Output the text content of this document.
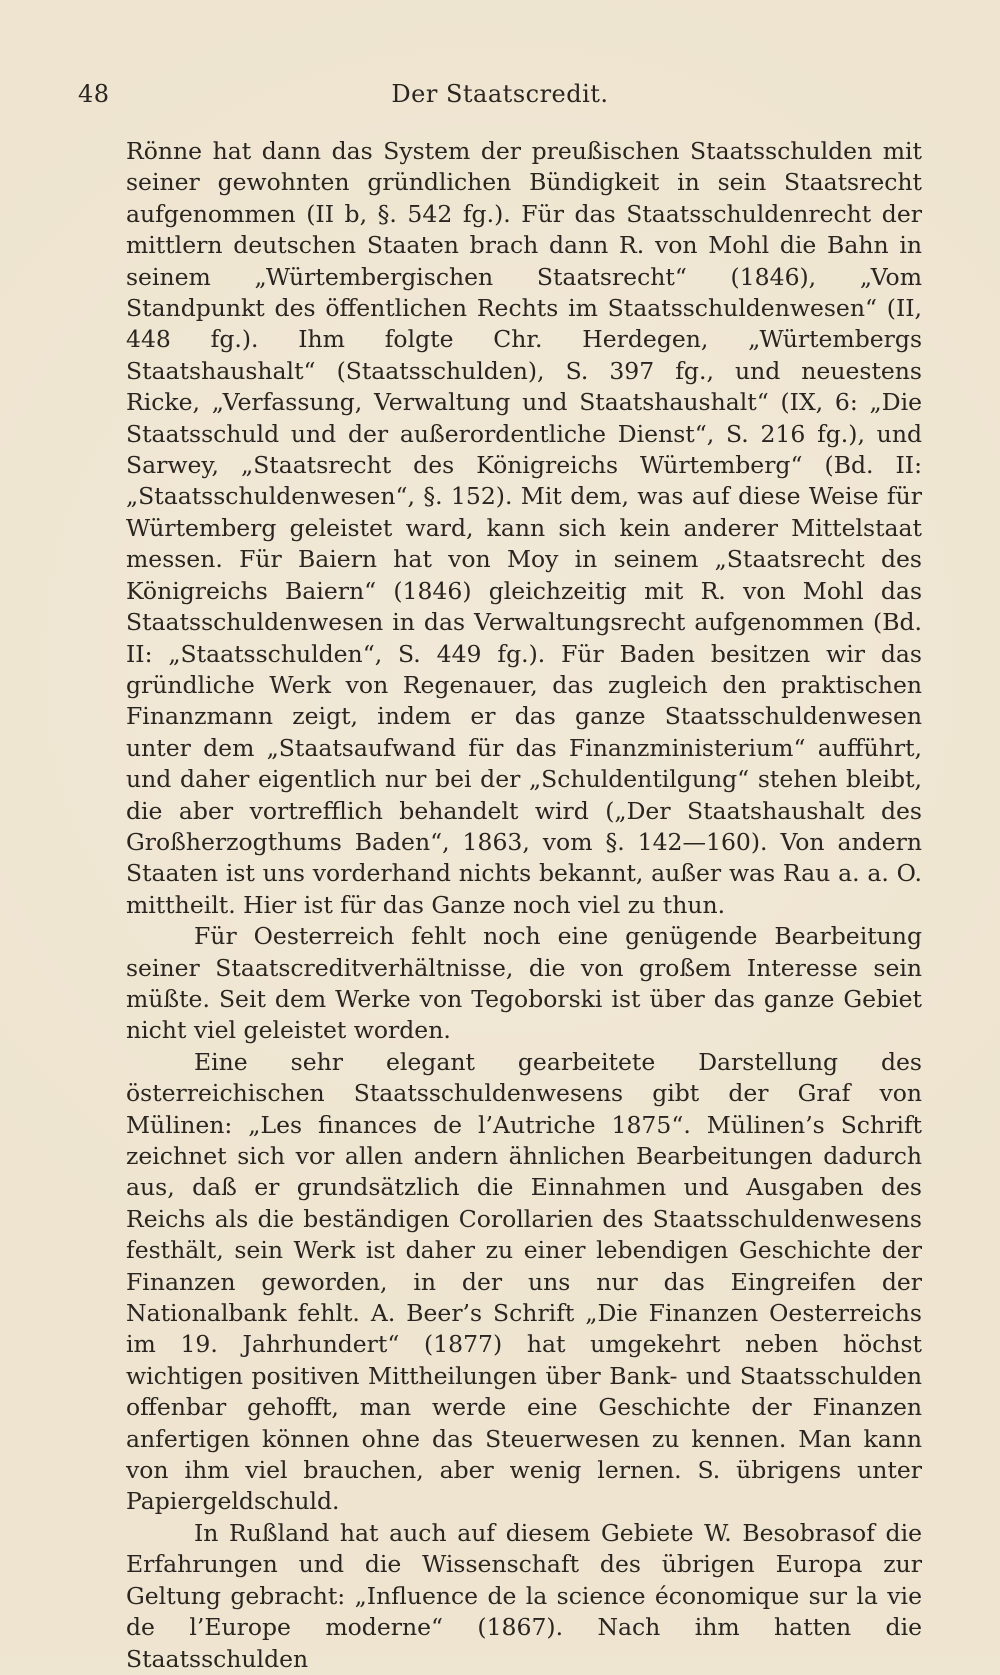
48	Der Staatscredit.

Rönne hat dann das System der preußischen Staatsschulden mit seiner gewohnten gründlichen Bündigkeit in sein Staatsrecht aufgenommen (II b, §. 542 fg.). Für das Staatsschuldenrecht der mittlern deutschen Staaten brach dann R. von Mohl die Bahn in seinem „Würtembergischen Staatsrecht“ (1846), „Vom Standpunkt des öffentlichen Rechts im Staatsschuldenwesen“ (II, 448 fg.). Ihm folgte Chr. Herdegen, „Würtembergs Staatshaushalt“ (Staatsschulden), S. 397 fg., und neuestens Ricke, „Verfassung, Verwaltung und Staatshaushalt“ (IX, 6: „Die Staatsschuld und der außerordentliche Dienst“, S. 216 fg.), und Sarwey, „Staatsrecht des Königreichs Würtemberg“ (Bd. II: „Staatsschuldenwesen“, §. 152). Mit dem, was auf diese Weise für Würtemberg geleistet ward, kann sich kein anderer Mittelstaat messen. Für Baiern hat von Moy in seinem „Staatsrecht des Königreichs Baiern“ (1846) gleichzeitig mit R. von Mohl das Staatsschuldenwesen in das Verwaltungsrecht aufgenommen (Bd. II: „Staatsschulden“, S. 449 fg.). Für Baden besitzen wir das gründliche Werk von Regenauer, das zugleich den praktischen Finanzmann zeigt, indem er das ganze Staatsschuldenwesen unter dem „Staatsaufwand für das Finanzministerium“ aufführt, und daher eigentlich nur bei der „Schuldentilgung“ stehen bleibt, die aber vortrefflich behandelt wird („Der Staatshaushalt des Großherzogthums Baden“, 1863, vom §. 142—160). Von andern Staaten ist uns vorderhand nichts bekannt, außer was Rau a. a. O. mittheilt. Hier ist für das Ganze noch viel zu thun.

Für Oesterreich fehlt noch eine genügende Bearbeitung seiner Staatscreditverhältnisse, die von großem Interesse sein müßte. Seit dem Werke von Tegoborski ist über das ganze Gebiet nicht viel geleistet worden.

Eine sehr elegant gearbeitete Darstellung des österreichischen Staatsschuldenwesens gibt der Graf von Mülinen: „Les finances de l’Autriche 1875“. Mülinen’s Schrift zeichnet sich vor allen andern ähnlichen Bearbeitungen dadurch aus, daß er grundsätzlich die Einnahmen und Ausgaben des Reichs als die beständigen Corollarien des Staatsschuldenwesens festhält, sein Werk ist daher zu einer lebendigen Geschichte der Finanzen geworden, in der uns nur das Eingreifen der Nationalbank fehlt. A. Beer’s Schrift „Die Finanzen Oesterreichs im 19. Jahrhundert“ (1877) hat umgekehrt neben höchst wichtigen positiven Mittheilungen über Bank- und Staatsschulden offenbar gehofft, man werde eine Geschichte der Finanzen anfertigen können ohne das Steuerwesen zu kennen. Man kann von ihm viel brauchen, aber wenig lernen. S. übrigens unter Papiergeldschuld.

In Rußland hat auch auf diesem Gebiete W. Besobrasof die Erfahrungen und die Wissenschaft des übrigen Europa zur Geltung gebracht: „Influence de la science économique sur la vie de l’Europe moderne“ (1867). Nach ihm hatten die Staatsschulden
